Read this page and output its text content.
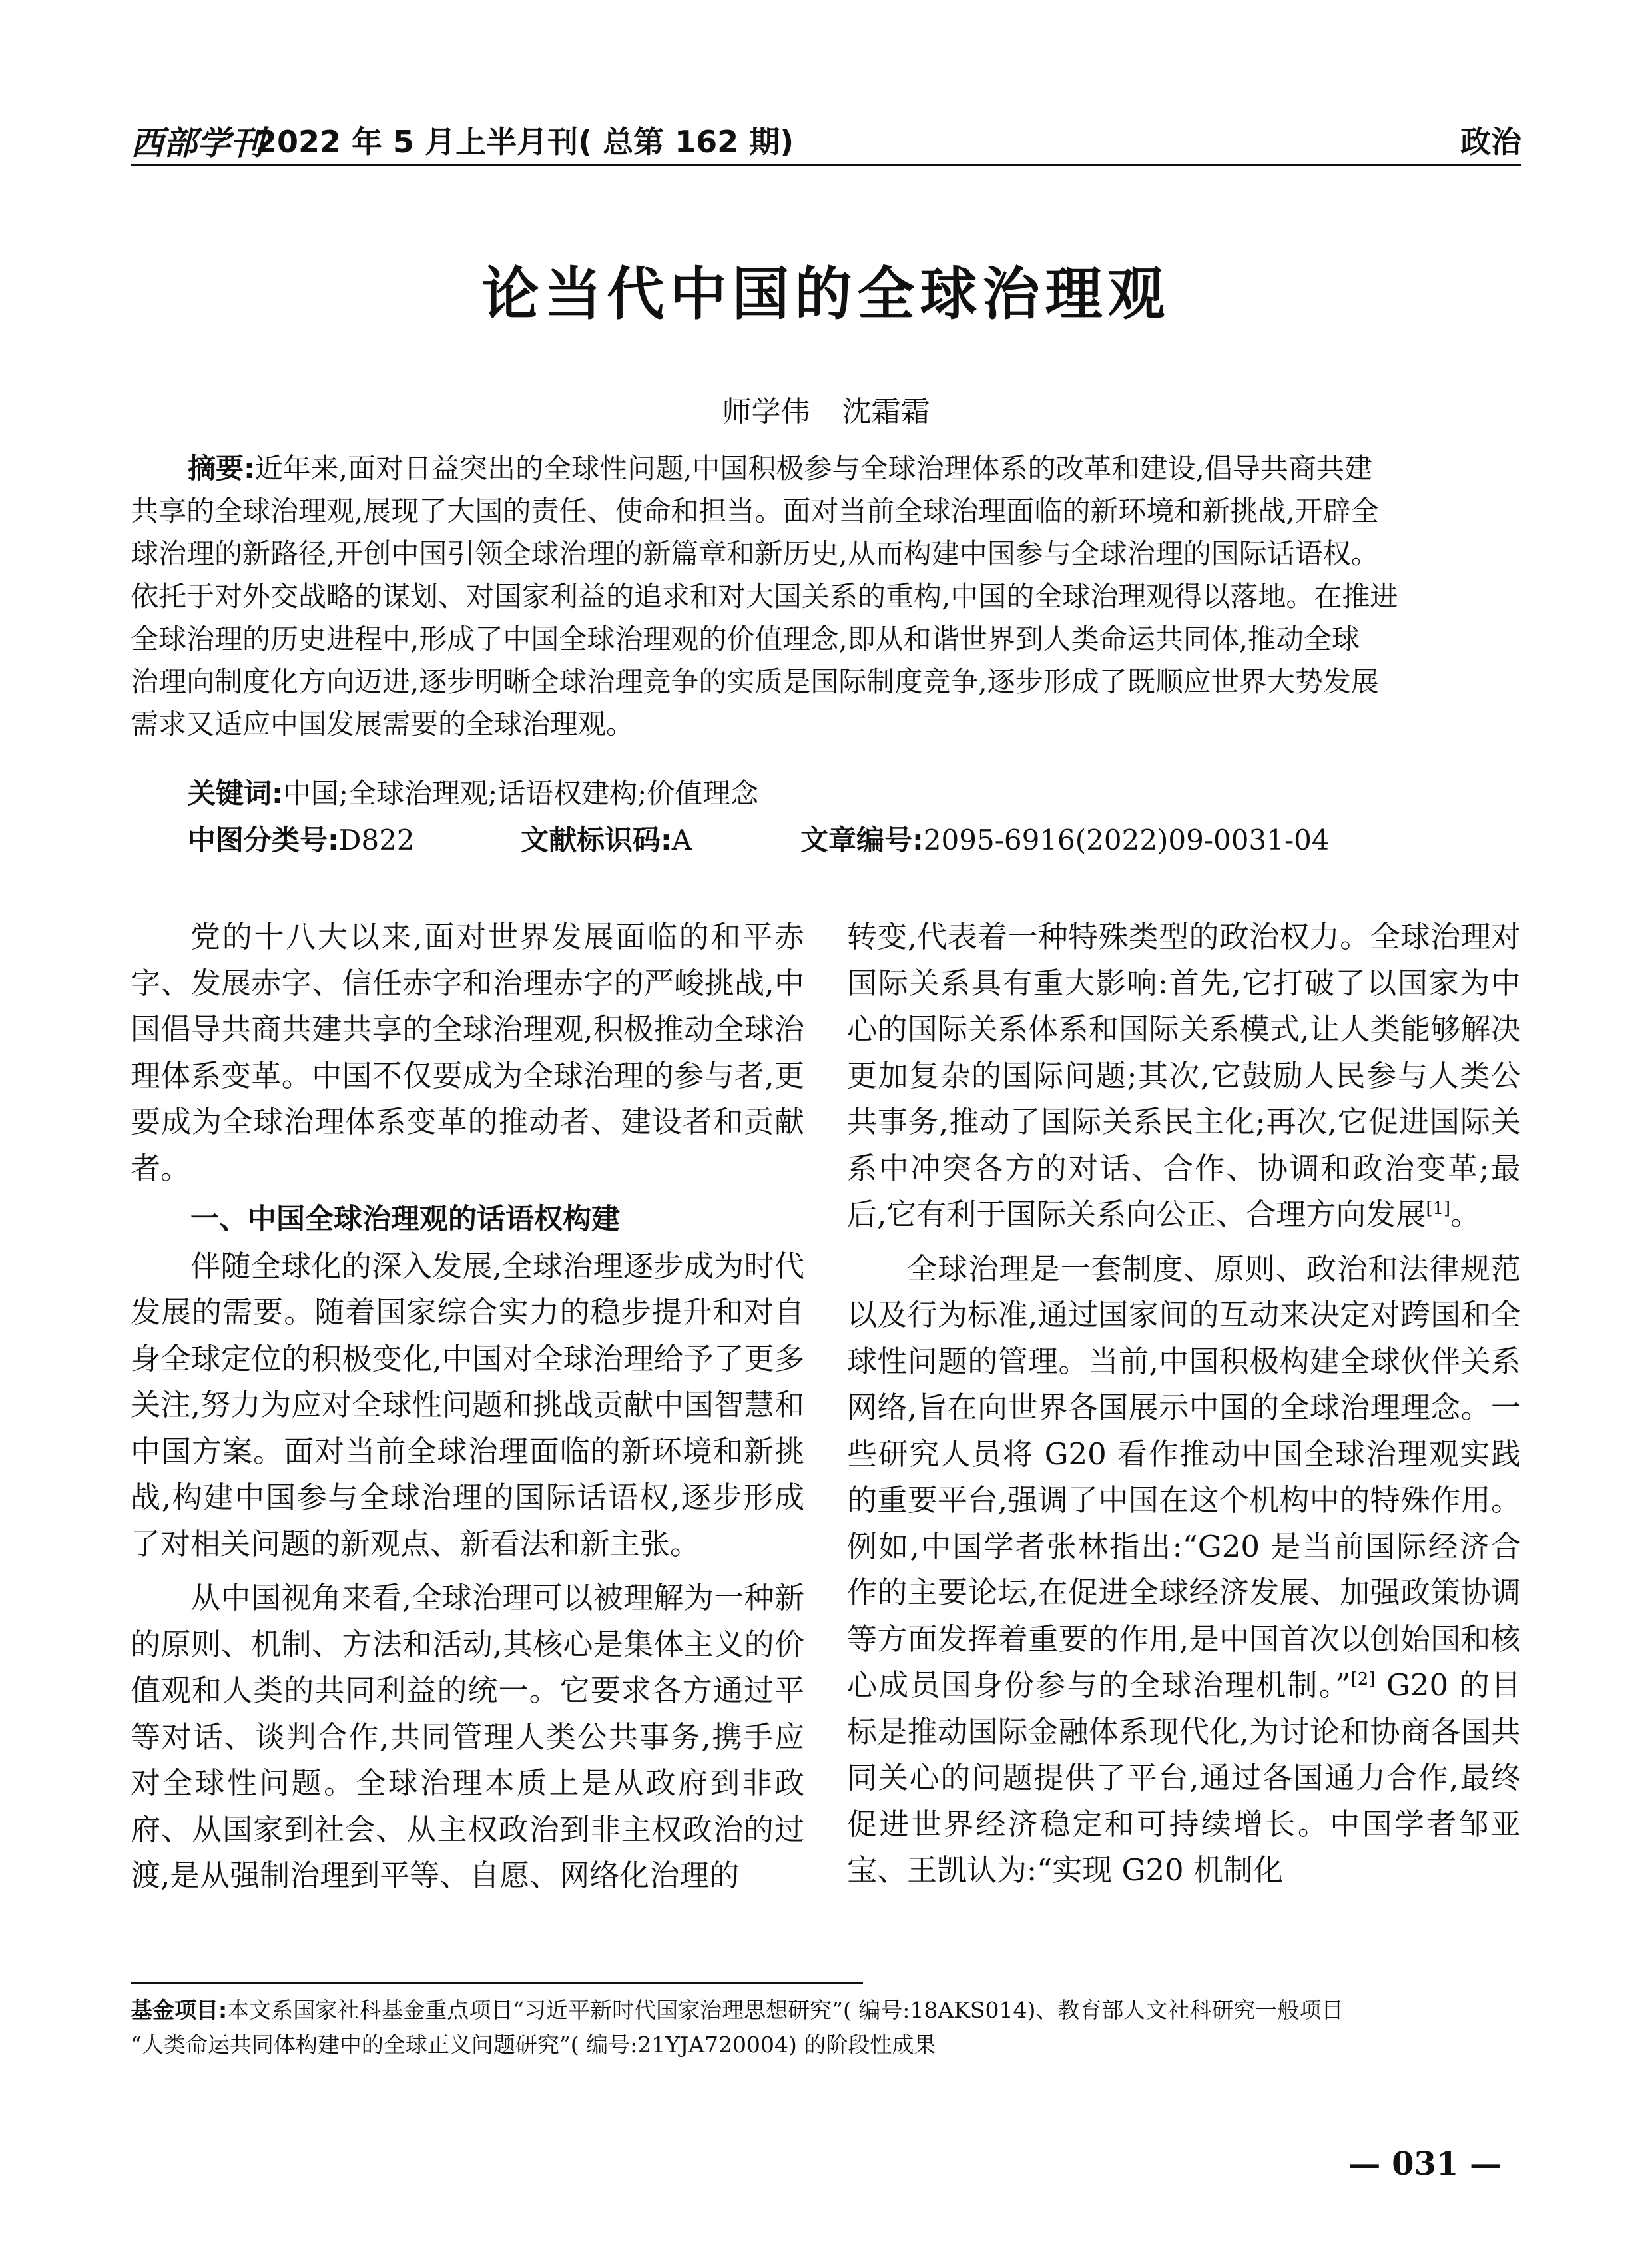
西部学刊
2022 年 5 月上半月刊( 总第 162 期)	政治
论当代中国的全球治理观
师学伟 沈霜霜
摘要:近年来,面对日益突出的全球性问题,中国积极参与全球治理体系的改革和建设,倡导共商共建
共享的全球治理观,展现了大国的责任、使命和担当。面对当前全球治理面临的新环境和新挑战,开辟全
球治理的新路径,开创中国引领全球治理的新篇章和新历史,从而构建中国参与全球治理的国际话语权。
依托于对外交战略的谋划、对国家利益的追求和对大国关系的重构,中国的全球治理观得以落地。在推进
全球治理的历史进程中,形成了中国全球治理观的价值理念,即从和谐世界到人类命运共同体,推动全球
治理向制度化方向迈进,逐步明晰全球治理竞争的实质是国际制度竞争,逐步形成了既顺应世界大势发展
需求又适应中国发展需要的全球治理观。
关键词:中国;全球治理观;话语权建构;价值理念
中图分类号:D822	文献标识码:A	文章编号:2095-6916(2022)09-0031-04

党的十八大以来,面对世界发展面临的和平赤字、发展赤字、信任赤字和治理赤字的严峻挑战,中国倡导共商共建共享的全球治理观,积极推动全球治理体系变革。中国不仅要成为全球治理的参与者,更要成为全球治理体系变革的推动者、建设者和贡献者。

一、中国全球治理观的话语权构建

伴随全球化的深入发展,全球治理逐步成为时代发展的需要。随着国家综合实力的稳步提升和对自身全球定位的积极变化,中国对全球治理给予了更多关注,努力为应对全球性问题和挑战贡献中国智慧和中国方案。面对当前全球治理面临的新环境和新挑战,构建中国参与全球治理的国际话语权,逐步形成了对相关问题的新观点、新看法和新主张。

从中国视角来看,全球治理可以被理解为一种新的原则、机制、方法和活动,其核心是集体主义的价值观和人类的共同利益的统一。它要求各方通过平等对话、谈判合作,共同管理人类公共事务,携手应对全球性问题。全球治理本质上是从政府到非政府、从国家到社会、从主权政治到非主权政治的过渡,是从强制治理到平等、自愿、网络化治理的

转变,代表着一种特殊类型的政治权力。全球治理对国际关系具有重大影响:首先,它打破了以国家为中心的国际关系体系和国际关系模式,让人类能够解决更加复杂的国际问题;其次,它鼓励人民参与人类公共事务,推动了国际关系民主化;再次,它促进国际关系中冲突各方的对话、合作、协调和政治变革;最后,它有利于国际关系向公正、合理方向发展[1]。

全球治理是一套制度、原则、政治和法律规范以及行为标准,通过国家间的互动来决定对跨国和全球性问题的管理。当前,中国积极构建全球伙伴关系网络,旨在向世界各国展示中国的全球治理理念。一些研究人员将 G20 看作推动中国全球治理观实践的重要平台,强调了中国在这个机构中的特殊作用。例如,中国学者张林指出:“G20 是当前国际经济合作的主要论坛,在促进全球经济发展、加强政策协调等方面发挥着重要的作用,是中国首次以创始国和核心成员国身份参与的全球治理机制。”[2] G20 的目标是推动国际金融体系现代化,为讨论和协商各国共同关心的问题提供了平台,通过各国通力合作,最终促进世界经济稳定和可持续增长。中国学者邹亚宝、王凯认为:“实现 G20 机制化

基金项目:本文系国家社科基金重点项目“习近平新时代国家治理思想研究”( 编号:18AKS014)、教育部人文社科研究一般项目
“人类命运共同体构建中的全球正义问题研究”( 编号:21YJA720004) 的阶段性成果
— 031 —
